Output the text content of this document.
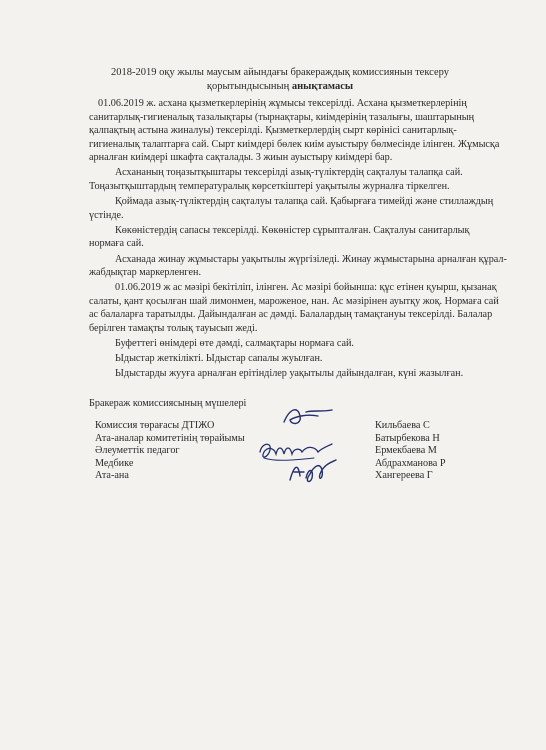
2018-2019 оқу жылы маусым айындағы бракераждық комиссиянын тексеру
қорытындысының анықтамасы

01.06.2019 ж. асхана қызметкерлерінің жұмысы тексерілді. Асхана қызметкерлерінің санитарлық-гигиеналық тазалықтары (тырнақтары, киімдерінің тазалығы, шаштарының қалпақтың астына жиналуы) тексерілді. Қызметкерлердің сырт көрінісі санитарлық-гигиеналық талаптарға сай. Сырт киімдері бөлек киім ауыстыру бөлмесінде ілінген. Жұмысқа арналған киімдері шкафта сақталады. 3 жиын ауыстыру киімдері бар.

Асхананың тоңазытқыштары тексерілді азық-түліктердің сақталуы талапқа сай. Тоңазытқыштардың температуралық көрсеткіштері уақытылы журналға тіркелген.

Қоймада азық-түліктердің сақталуы талапқа сай. Қабырғаға тимейді және стиллаждың үстінде.

Көкөністердің сапасы тексерілді. Көкөністер сұрыпталған. Сақталуы санитарлық нормаға сай.

Асханада жинау жұмыстары уақытылы жүргізіледі. Жинау жұмыстарына арналған құрал-жабдықтар маркерленген.

01.06.2019 ж ас мәзірі бекітіліп, ілінген. Ас мәзірі бойынша: құс етінен қуырш, қызанақ салаты, қант қосылған шай лимонмен, мароженое, нан. Ас мәзірінен ауытқу жоқ. Нормаға сай ас балаларға таратылды. Дайындалған ас дәмді. Балалардың тамақтануы тексерілді. Балалар берілген тамақты толық тауысып жеді.

Буфеттегі өнімдері өте дәмді, салмақтары нормаға сай.

Ыдыстар жеткілікті. Ыдыстар сапалы жуылған.

Ыдыстарды жууға арналған ерітінділер уақытылы дайындалған, күні жазылған.

Бракераж комиссиясының мүшелері
Комиссия төрағасы ДТІЖО	Кильбаева С
Ата-аналар комитетінің төрайымы	Батырбекова Н
Әлеуметтік педагог	Ермекбаева М
Медбике	Абдрахманова Р
Ата-ана	Хангереева Г
